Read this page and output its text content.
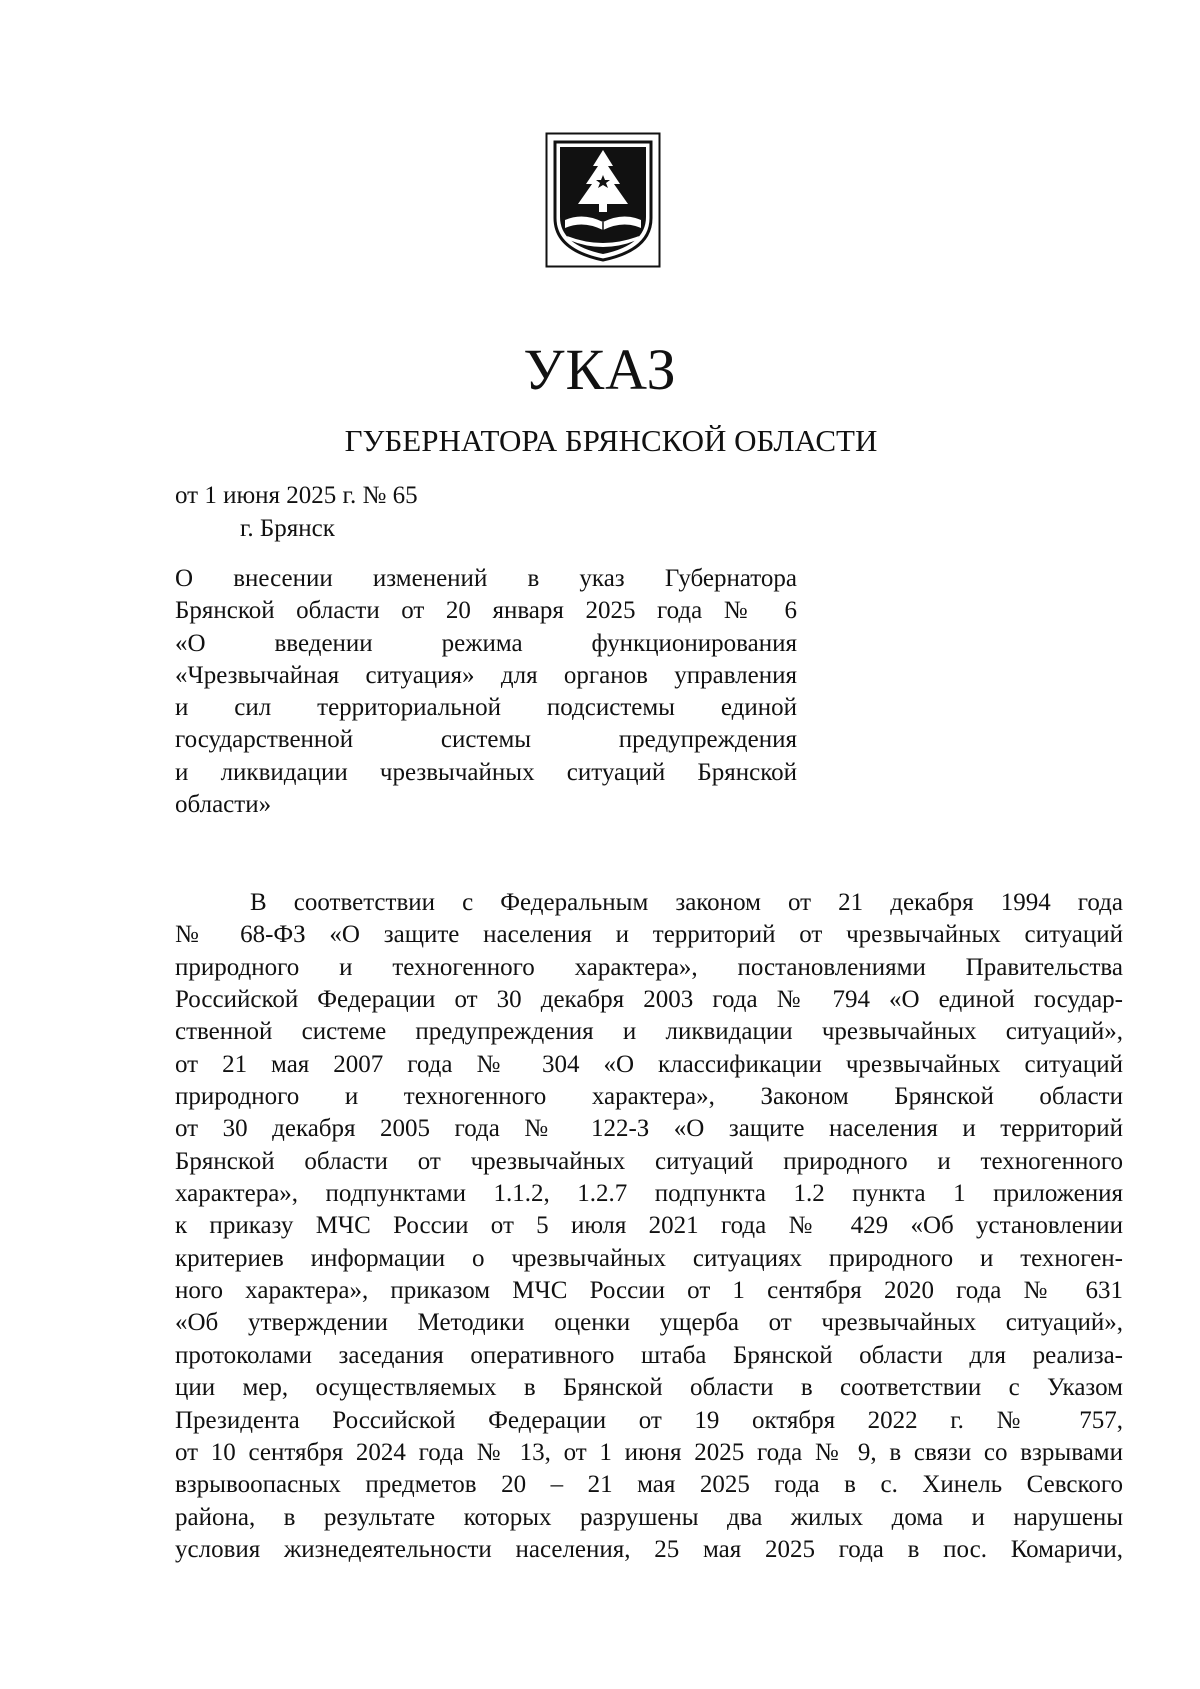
УКАЗ
ГУБЕРНАТОРА БРЯНСКОЙ ОБЛАСТИ
от 1 июня 2025 г. № 65
г. Брянск
О внесении изменений в указ Губернатора
Брянской области от 20 января 2025 года № 6
«О введении режима функционирования
«Чрезвычайная ситуация» для органов управления
и сил территориальной подсистемы единой
государственной системы предупреждения
и ликвидации чрезвычайных ситуаций Брянской
области»
В соответствии с Федеральным законом от 21 декабря 1994 года
№ 68-ФЗ «О защите населения и территорий от чрезвычайных ситуаций
природного и техногенного характера», постановлениями Правительства
Российской Федерации от 30 декабря 2003 года № 794 «О единой государ-
ственной системе предупреждения и ликвидации чрезвычайных ситуаций»,
от 21 мая 2007 года № 304 «О классификации чрезвычайных ситуаций
природного и техногенного характера», Законом Брянской области
от 30 декабря 2005 года № 122-З «О защите населения и территорий
Брянской области от чрезвычайных ситуаций природного и техногенного
характера», подпунктами 1.1.2, 1.2.7 подпункта 1.2 пункта 1 приложения
к приказу МЧС России от 5 июля 2021 года № 429 «Об установлении
критериев информации о чрезвычайных ситуациях природного и техноген-
ного характера», приказом МЧС России от 1 сентября 2020 года № 631
«Об утверждении Методики оценки ущерба от чрезвычайных ситуаций»,
протоколами заседания оперативного штаба Брянской области для реализа-
ции мер, осуществляемых в Брянской области в соответствии с Указом
Президента Российской Федерации от 19 октября 2022 г. № 757,
от 10 сентября 2024 года № 13, от 1 июня 2025 года № 9, в связи со взрывами
взрывоопасных предметов 20 – 21 мая 2025 года в с. Хинель Севского
района, в результате которых разрушены два жилых дома и нарушены
условия жизнедеятельности населения, 25 мая 2025 года в пос. Комаричи,
